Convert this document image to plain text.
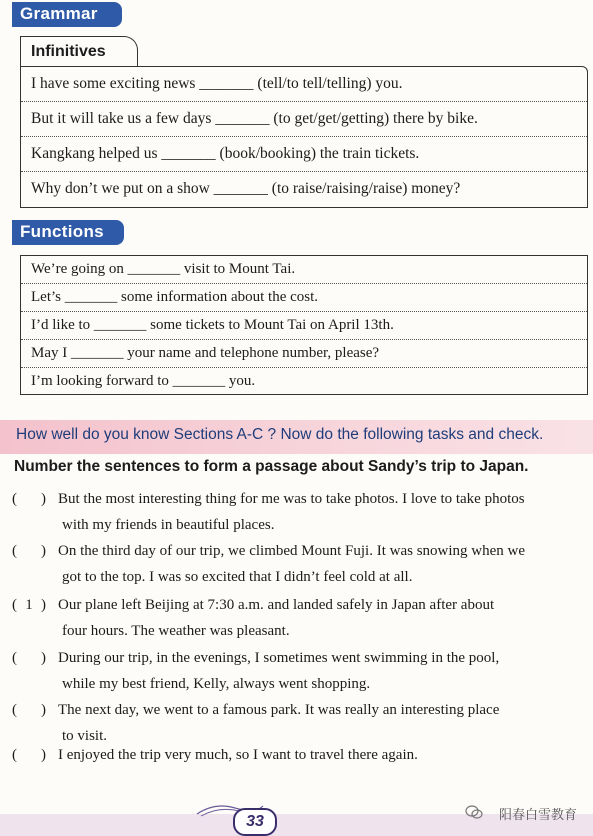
Grammar
Infinitives
I have some exciting news _______ (tell/to tell/telling) you.
But it will take us a few days _______ (to get/get/getting) there by bike.
Kangkang helped us _______ (book/booking) the train tickets.
Why don’t we put on a show _______ (to raise/raising/raise) money?
Functions
We’re going on _______ visit to Mount Tai.
Let’s _______ some information about the cost.
I’d like to _______ some tickets to Mount Tai on April 13th.
May I _______ your name and telephone number, please?
I’m looking forward to _______ you.
How well do you know Sections A-C ? Now do the following tasks and check.
Number the sentences to form a passage about Sandy’s trip to Japan.
( ) But the most interesting thing for me was to take photos. I love to take photos
with my friends in beautiful places.
( ) On the third day of our trip, we climbed Mount Fuji. It was snowing when we
got to the top. I was so excited that I didn’t feel cold at all.
( 1 ) Our plane left Beijing at 7:30 a.m. and landed safely in Japan after about
four hours. The weather was pleasant.
( ) During our trip, in the evenings, I sometimes went swimming in the pool,
while my best friend, Kelly, always went shopping.
( ) The next day, we went to a famous park. It was really an interesting place
to visit.
( ) I enjoyed the trip very much, so I want to travel there again.
33	阳春白雪教育
